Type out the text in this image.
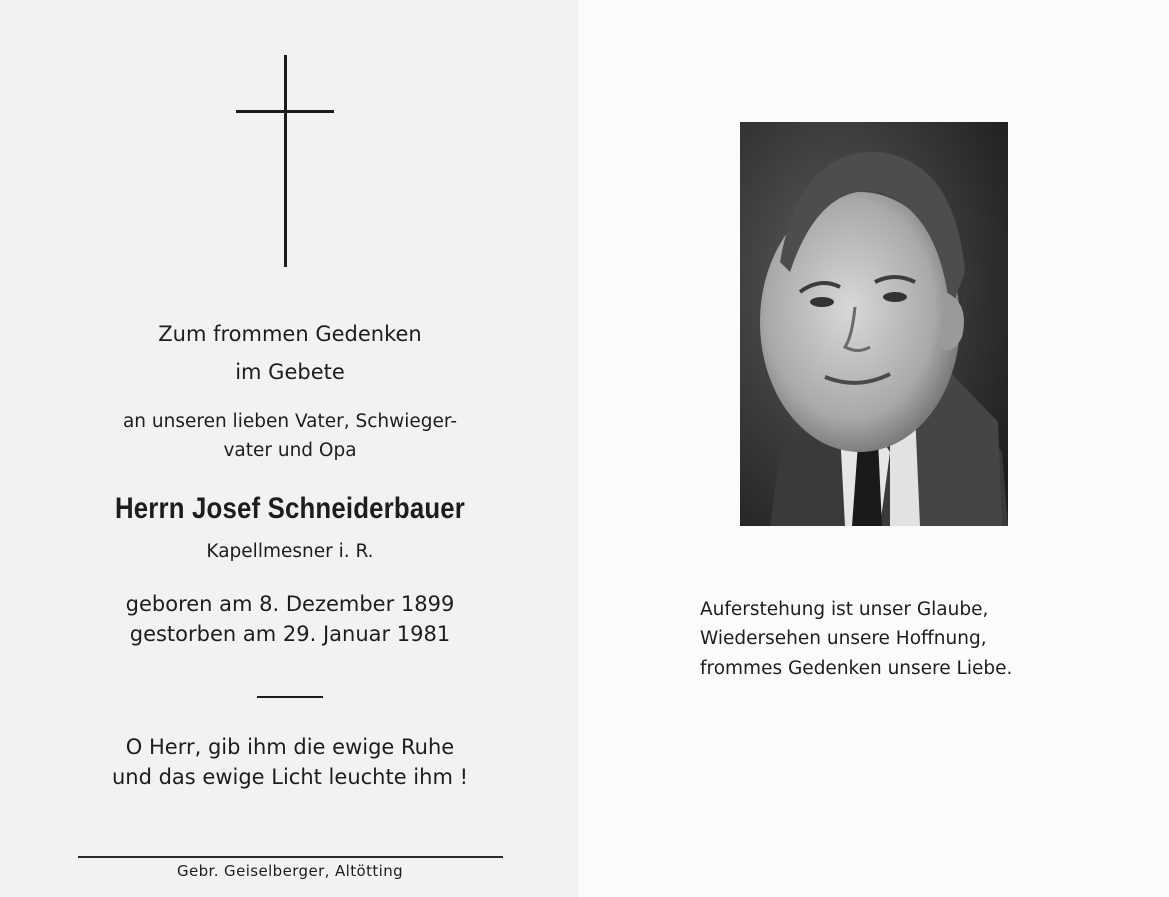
Zum frommen Gedenken
im Gebete
an unseren lieben Vater, Schwieger-
vater und Opa
Herrn Josef Schneiderbauer
Kapellmesner i. R.
geboren am 8. Dezember 1899
gestorben am 29. Januar 1981
O Herr, gib ihm die ewige Ruhe
und das ewige Licht leuchte ihm !
Gebr. Geiselberger, Altötting
Auferstehung ist unser Glaube,
Wiedersehen unsere Hoffnung,
frommes Gedenken unsere Liebe.
